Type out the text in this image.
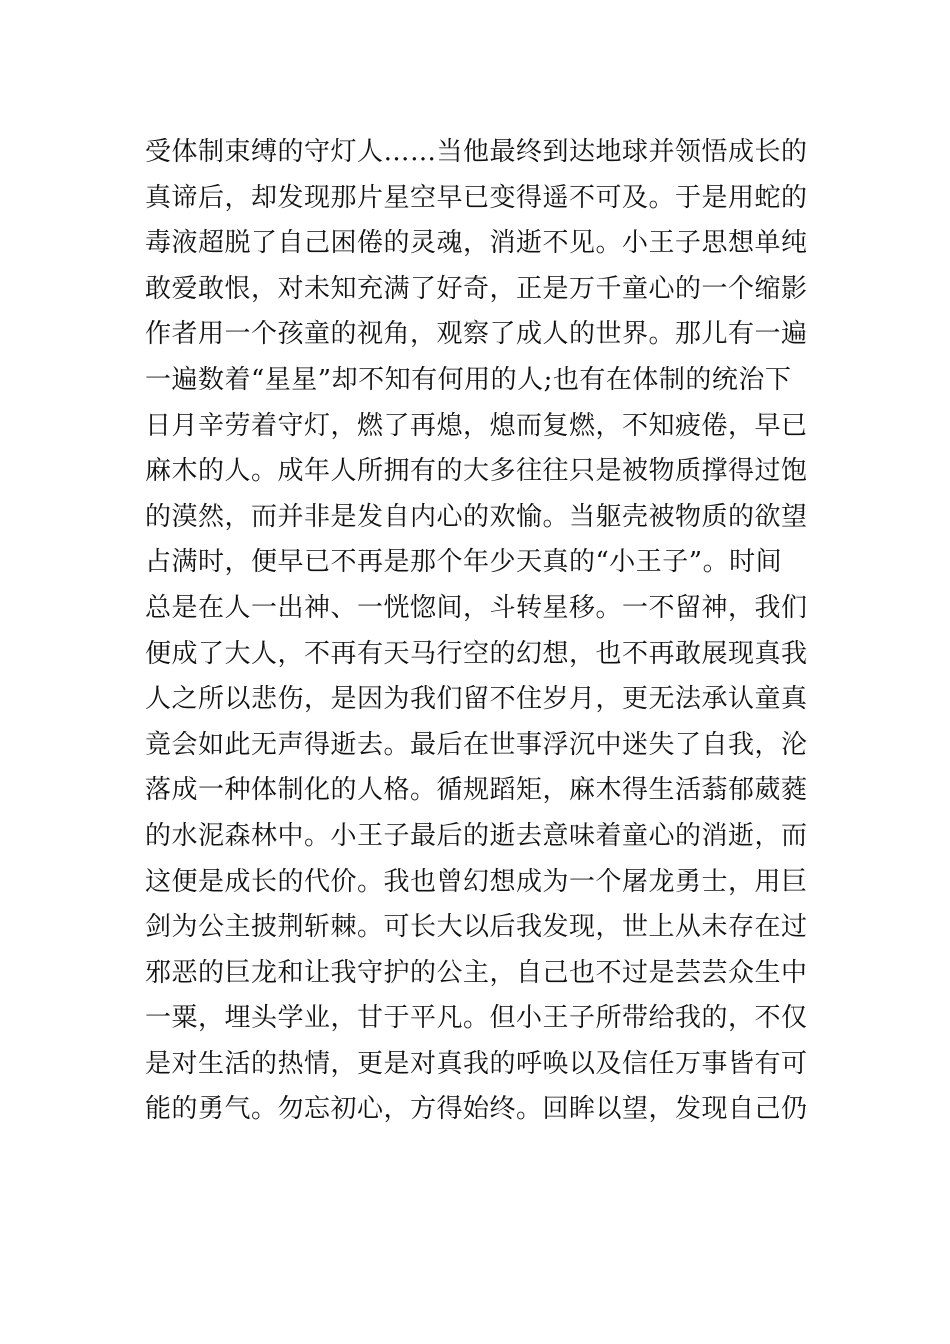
受体制束缚的守灯人……当他最终到达地球并领悟成长的
真谛后，却发现那片星空早已变得遥不可及。于是用蛇的
毒液超脱了自己困倦的灵魂，消逝不见。小王子思想单纯
敢爱敢恨，对未知充满了好奇，正是万千童心的一个缩影
作者用一个孩童的视角，观察了成人的世界。那儿有一遍
一遍数着“星星”却不知有何用的人;也有在体制的统治下
日月辛劳着守灯，燃了再熄，熄而复燃，不知疲倦，早已
麻木的人。成年人所拥有的大多往往只是被物质撑得过饱
的漠然，而并非是发自内心的欢愉。当躯壳被物质的欲望
占满时，便早已不再是那个年少天真的“小王子”。时间
总是在人一出神、一恍惚间，斗转星移。一不留神，我们
便成了大人，不再有天马行空的幻想，也不再敢展现真我
人之所以悲伤，是因为我们留不住岁月，更无法承认童真
竟会如此无声得逝去。最后在世事浮沉中迷失了自我，沦
落成一种体制化的人格。循规蹈矩，麻木得生活蓊郁葳蕤
的水泥森林中。小王子最后的逝去意味着童心的消逝，而
这便是成长的代价。我也曾幻想成为一个屠龙勇士，用巨
剑为公主披荆斩棘。可长大以后我发现，世上从未存在过
邪恶的巨龙和让我守护的公主，自己也不过是芸芸众生中
一粟，埋头学业，甘于平凡。但小王子所带给我的，不仅
是对生活的热情，更是对真我的呼唤以及信任万事皆有可
能的勇气。勿忘初心，方得始终。回眸以望，发现自己仍
